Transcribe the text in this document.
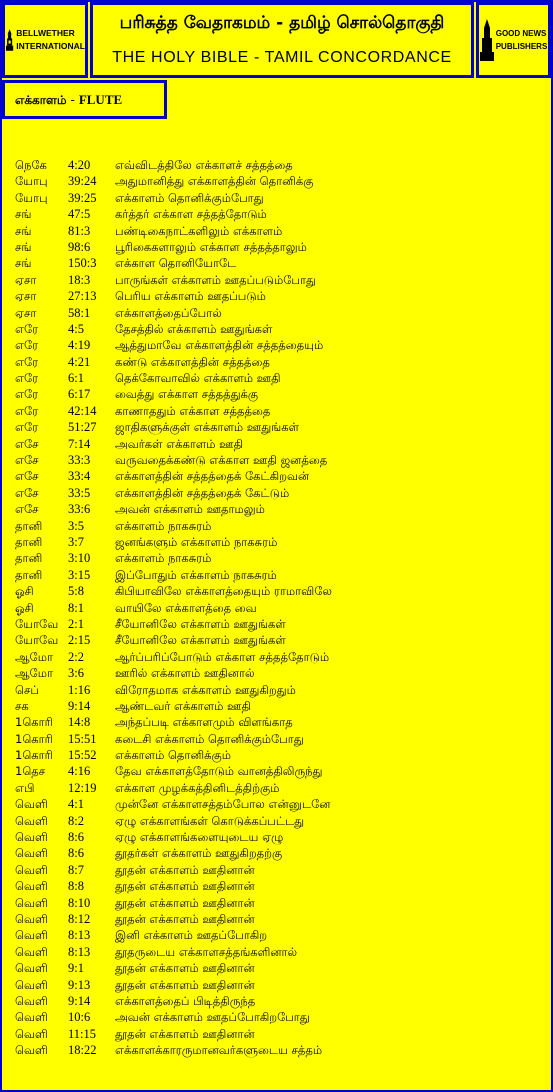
BELLWETHER
INTERNATIONAL
பரிசுத்த வேதாகமம் - தமிழ் சொல்தொகுதி
THE HOLY BIBLE - TAMIL CONCORDANCE
GOOD NEWS
PUBLISHERS
எக்காளம் - FLUTE
நெகே 4:20 எவ்விடத்திலே எக்காளச் சத்தத்தை
யோபு 39:24 அதுமானித்து எக்காளத்தின் தொனிக்கு
யோபு 39:25 எக்காளம் தொனிக்கும்போது
சங்	47:5 கர்த்தர் எக்காள சத்தத்தோடும்
சங்	81:3 பண்டிகைநாட்களிலும் எக்காளம்
சங்	98:6 பூரிகைகளாலும் எக்காள சத்தத்தாலும்
சங்	150:3 எக்காள தொனியோடே
ஏசா	18:3 பாருங்கள் எக்காளம் ஊதப்படும்போது
ஏசா	27:13 பெரிய எக்காளம் ஊதப்படும்
ஏசா	58:1 எக்காளத்தைப்போல்
எரே 4:5	தேசத்தில் எக்காளம் ஊதுங்கள்
எரே 4:19 ஆத்துமாவே எக்காளத்தின் சத்தத்தையும்
எரே 4:21 கண்டு எக்காளத்தின் சத்தத்தை
எரே 6:1	தெக்கோவாவில் எக்காளம் ஊதி
எரே 6:17 வைத்து எக்காள சத்தத்துக்கு
எரே 42:14 காணாததும் எக்காள சத்தத்தை
எரே 51:27 ஜாதிகளுக்குள் எக்காளம் ஊதுங்கள்
எசே 7:14 அவர்கள் எக்காளம் ஊதி
எசே 33:3 வருவதைக்கண்டு எக்காள ஊதி ஜனத்தை
எசே 33:4 எக்காளத்தின் சத்தத்தைக் கேட்கிறவன்
எசே 33:5 எக்காளத்தின் சத்தத்தைக் கேட்டும்
எசே 33:6 அவன் எக்காளம் ஊதாமலும்
தானி 3:5	எக்காளம் நாகசுரம்
தானி 3:7	ஜனங்களும் எக்காளம் நாகசுரம்
தானி 3:10 எக்காளம் நாகசுரம்
தானி 3:15 இப்போதும் எக்காளம் நாகசுரம்
ஓசி	5:8	கிபியாவிலே எக்காளத்தையும் ராமாவிலே
ஓசி	8:1	வாயிலே எக்காளத்தை வை
யோவே 2:1	சீயோனிலே எக்காளம் ஊதுங்கள்
யோவே 2:15 சீயோனிலே எக்காளம் ஊதுங்கள்
ஆமோ 2:2	ஆர்ப்பரிப்போடும் எக்காள சத்தத்தோடும்
ஆமோ 3:6	ஊரில் எக்காளம் ஊதினால்
செப் 1:16 விரோதமாக எக்காளம் ஊதுகிறதும்
சக	9:14 ஆண்டவர் எக்காளம் ஊதி
1கொரி 14:8 அந்தப்படி எக்காளமும் விளங்காத
1கொரி 15:51 கடைசி எக்காளம் தொனிக்கும்போது
1கொரி 15:52 எக்காளம் தொனிக்கும்
1தெச 4:16 தேவ எக்காளத்தோடும் வானத்திலிருந்து
எபி	12:19 எக்காள முழக்கத்தினிடத்திற்கும்
வெளி 4:1	முன்னே எக்காளசத்தம்போல என்னுடனே
வெளி 8:2	ஏழு எக்காளங்கள் கொடுக்கப்பட்டது
வெளி 8:6	ஏழு எக்காளங்களையுடைய ஏழு
வெளி 8:6	தூதர்கள் எக்காளம் ஊதுகிறதற்கு
வெளி 8:7	தூதன் எக்காளம் ஊதினான்
வெளி 8:8	தூதன் எக்காளம் ஊதினான்
வெளி 8:10 தூதன் எக்காளம் ஊதினான்
வெளி 8:12 தூதன் எக்காளம் ஊதினான்
வெளி 8:13 இனி எக்காளம் ஊதப்போகிற
வெளி 8:13 தூதருடைய எக்காளசத்தங்களினால்
வெளி 9:1	தூதன் எக்காளம் ஊதினான்
வெளி 9:13 தூதன் எக்காளம் ஊதினான்
வெளி 9:14 எக்காளத்தைப் பிடித்திருந்த
வெளி 10:6 அவன் எக்காளம் ஊதப்போகிறபோது
வெளி 11:15 தூதன் எக்காளம் ஊதினான்
வெளி 18:22 எக்காளக்காரருமானவர்களுடைய சத்தம்
